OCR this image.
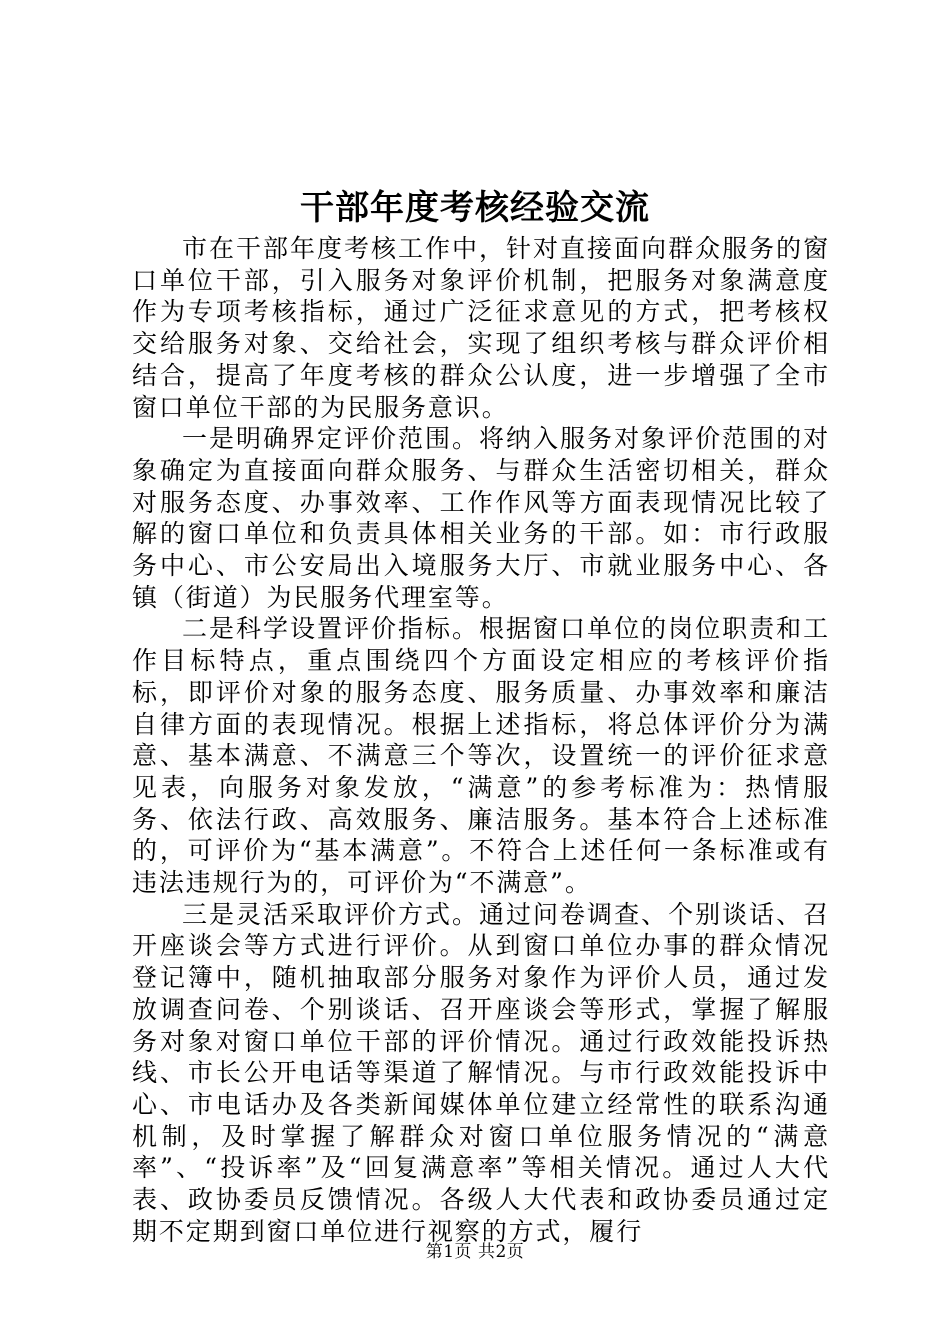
干部年度考核经验交流

市在干部年度考核工作中，针对直接面向群众服务的窗口单位干部，引入服务对象评价机制，把服务对象满意度作为专项考核指标，通过广泛征求意见的方式，把考核权交给服务对象、交给社会，实现了组织考核与群众评价相结合，提高了年度考核的群众公认度，进一步增强了全市窗口单位干部的为民服务意识。

一是明确界定评价范围。将纳入服务对象评价范围的对象确定为直接面向群众服务、与群众生活密切相关，群众对服务态度、办事效率、工作作风等方面表现情况比较了解的窗口单位和负责具体相关业务的干部。如：市行政服务中心、市公安局出入境服务大厅、市就业服务中心、各镇（街道）为民服务代理室等。

二是科学设置评价指标。根据窗口单位的岗位职责和工作目标特点，重点围绕四个方面设定相应的考核评价指标，即评价对象的服务态度、服务质量、办事效率和廉洁自律方面的表现情况。根据上述指标，将总体评价分为满意、基本满意、不满意三个等次，设置统一的评价征求意见表，向服务对象发放，“满意”的参考标准为：热情服务、依法行政、高效服务、廉洁服务。基本符合上述标准的，可评价为“基本满意”。不符合上述任何一条标准或有违法违规行为的，可评价为“不满意”。

三是灵活采取评价方式。通过问卷调查、个别谈话、召开座谈会等方式进行评价。从到窗口单位办事的群众情况登记簿中，随机抽取部分服务对象作为评价人员，通过发放调查问卷、个别谈话、召开座谈会等形式，掌握了解服务对象对窗口单位干部的评价情况。通过行政效能投诉热线、市长公开电话等渠道了解情况。与市行政效能投诉中心、市电话办及各类新闻媒体单位建立经常性的联系沟通机制，及时掌握了解群众对窗口单位服务情况的“满意率”、“投诉率”及“回复满意率”等相关情况。通过人大代表、政协委员反馈情况。各级人大代表和政协委员通过定期不定期到窗口单位进行视察的方式，履行

第1页 共2页
